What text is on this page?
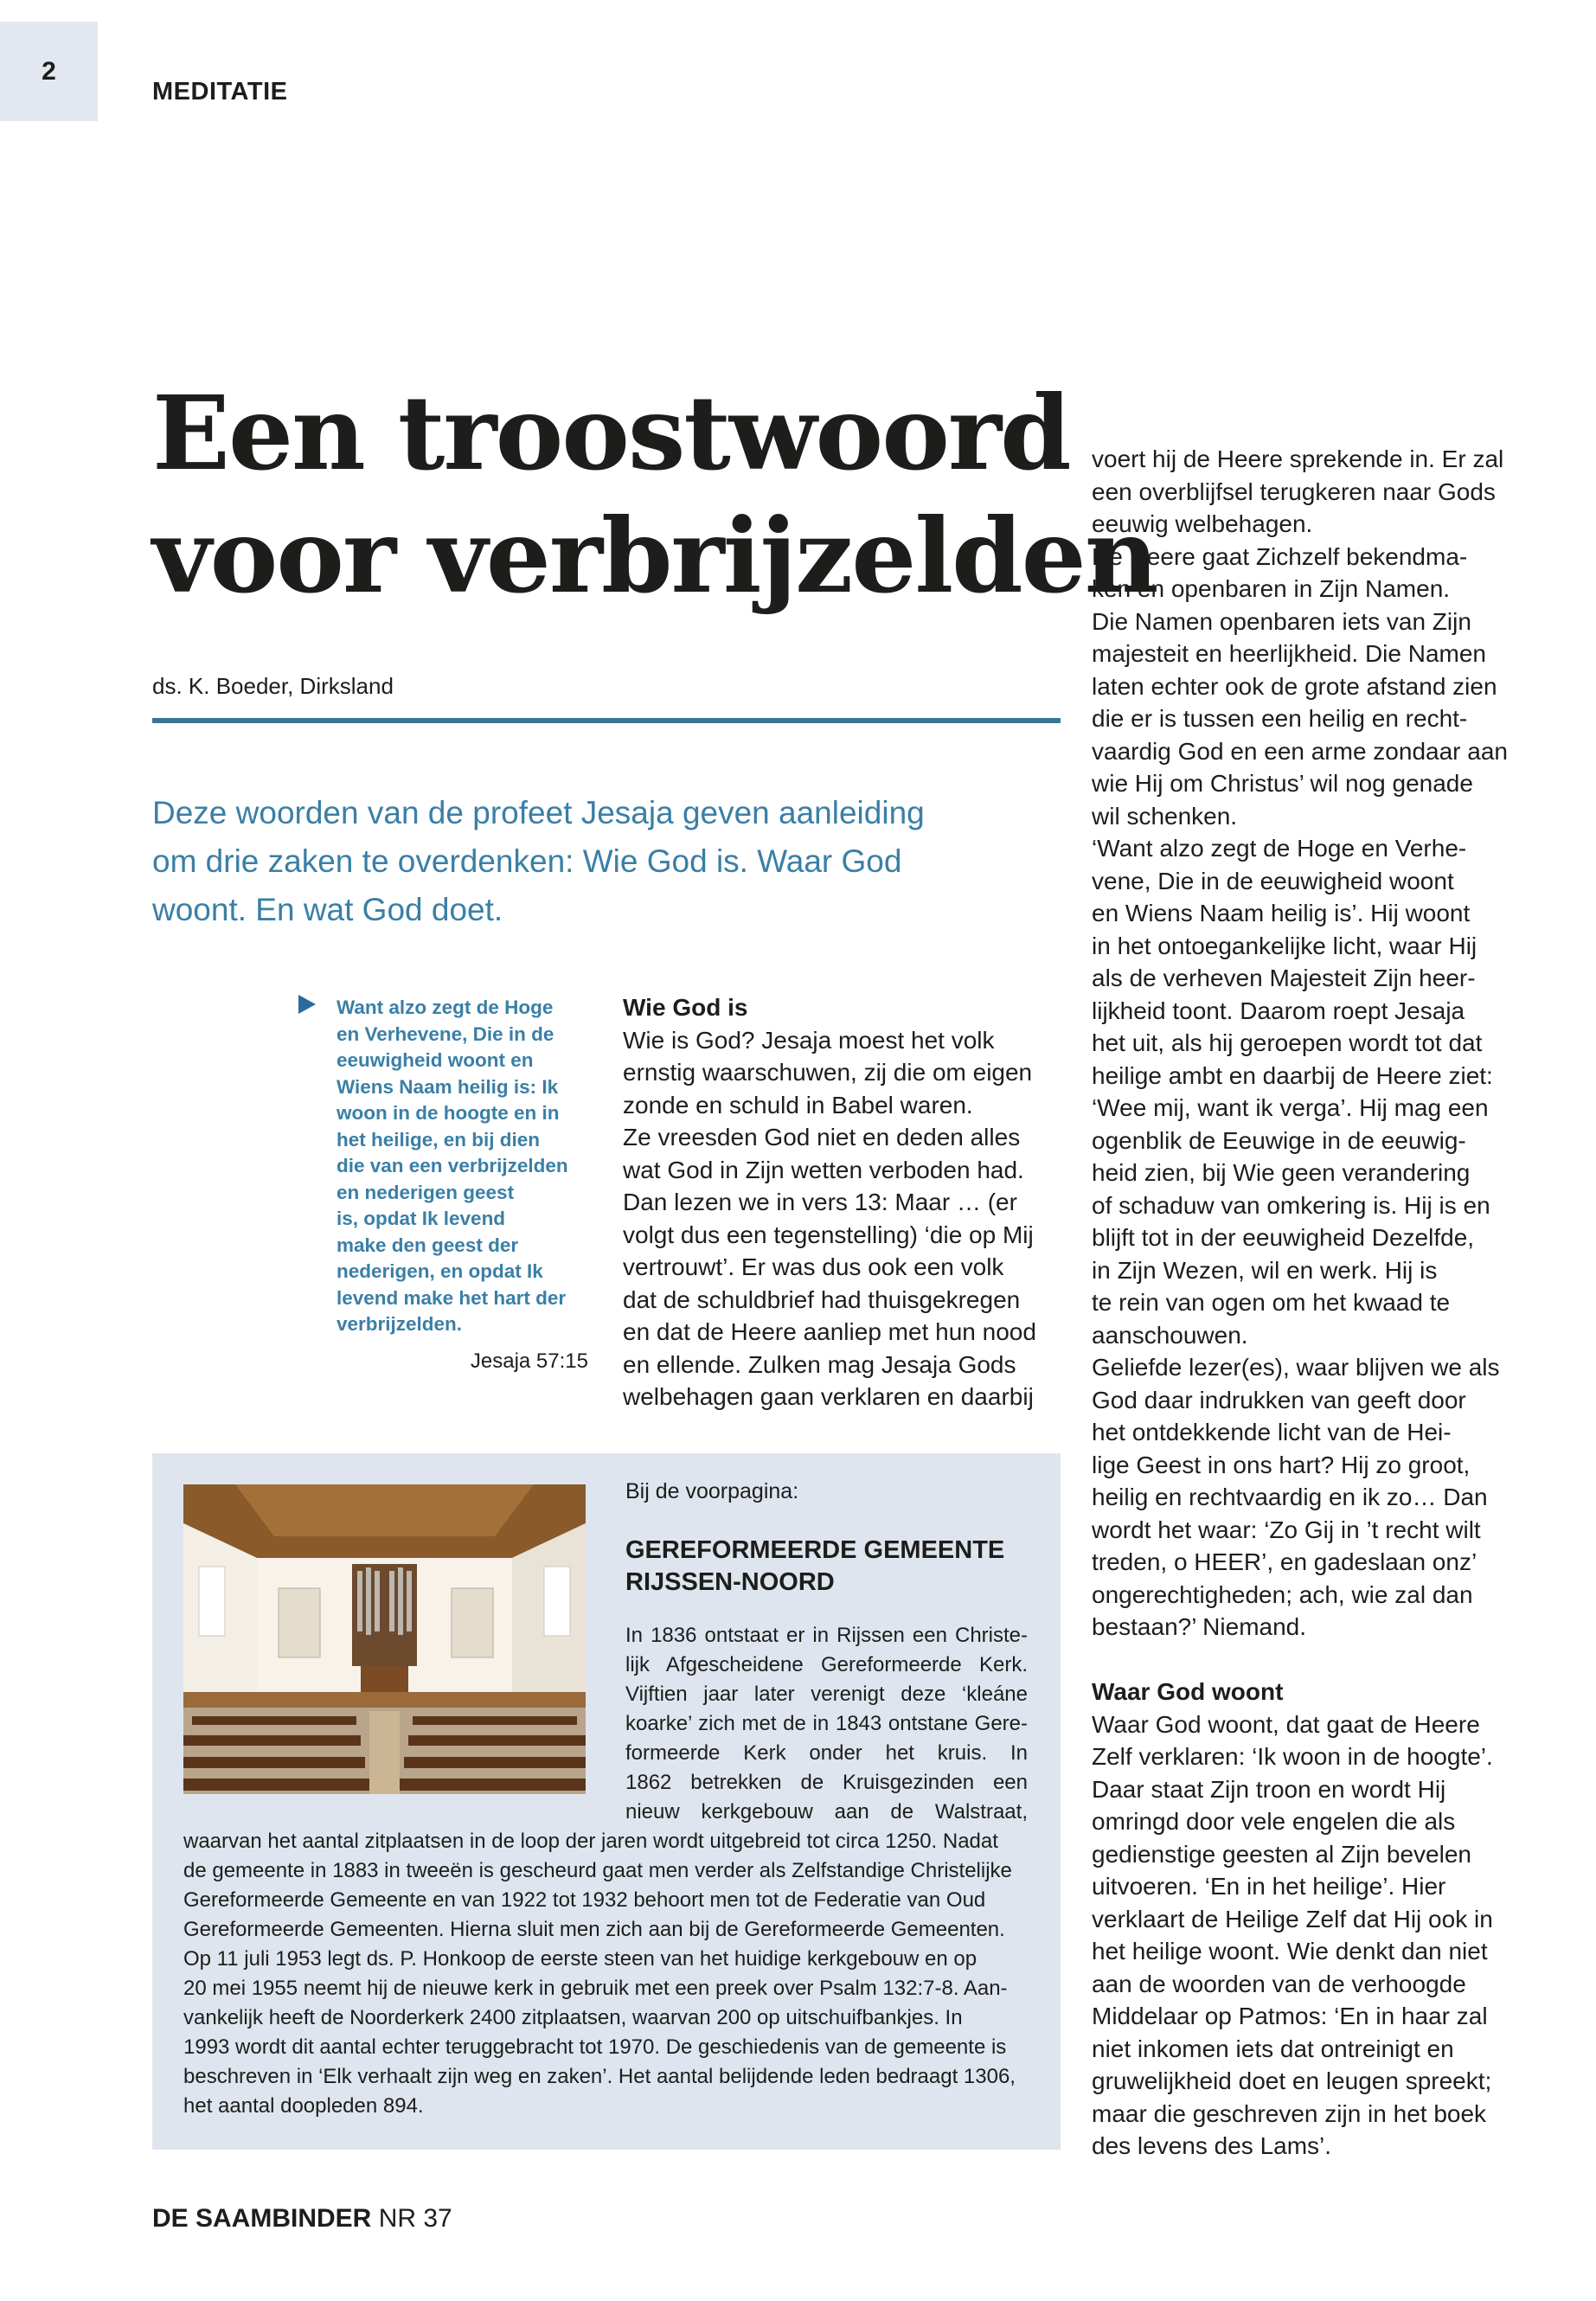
2
MEDITATIE
Een troostwoord
voor verbrijzelden
ds. K. Boeder, Dirksland
Deze woorden van de profeet Jesaja geven aanleiding
om drie zaken te overdenken: Wie God is. Waar God
woont. En wat God doet.
Want alzo zegt de Hoge
en Verhevene, Die in de
eeuwigheid woont en
Wiens Naam heilig is: Ik
woon in de hoogte en in
het heilige, en bij dien
die van een verbrijzelden
en nederigen geest
is, opdat Ik levend
make den geest der
nederigen, en opdat Ik
levend make het hart der
verbrijzelden.
Jesaja 57:15
Wie God is
Wie is God? Jesaja moest het volk
ernstig waarschuwen, zij die om eigen
zonde en schuld in Babel waren.
Ze vreesden God niet en deden alles
wat God in Zijn wetten verboden had.
Dan lezen we in vers 13: Maar … (er
volgt dus een tegenstelling) ‘die op Mij
vertrouwt’. Er was dus ook een volk
dat de schuldbrief had thuisgekregen
en dat de Heere aanliep met hun nood
en ellende. Zulken mag Jesaja Gods
welbehagen gaan verklaren en daarbij
voert hij de Heere sprekende in. Er zal
een overblijfsel terugkeren naar Gods
eeuwig welbehagen.
De Heere gaat Zichzelf bekendma-
ken en openbaren in Zijn Namen.
Die Namen openbaren iets van Zijn
majesteit en heerlijkheid. Die Namen
laten echter ook de grote afstand zien
die er is tussen een heilig en recht-
vaardig God en een arme zondaar aan
wie Hij om Christus’ wil nog genade
wil schenken.
‘Want alzo zegt de Hoge en Verhe-
vene, Die in de eeuwigheid woont
en Wiens Naam heilig is’. Hij woont
in het ontoegankelijke licht, waar Hij
als de verheven Majesteit Zijn heer-
lijkheid toont. Daarom roept Jesaja
het uit, als hij geroepen wordt tot dat
heilige ambt en daarbij de Heere ziet:
‘Wee mij, want ik verga’. Hij mag een
ogenblik de Eeuwige in de eeuwig-
heid zien, bij Wie geen verandering
of schaduw van omkering is. Hij is en
blijft tot in der eeuwigheid Dezelfde,
in Zijn Wezen, wil en werk. Hij is
te rein van ogen om het kwaad te
aanschouwen.
Geliefde lezer(es), waar blijven we als
God daar indrukken van geeft door
het ontdekkende licht van de Hei-
lige Geest in ons hart? Hij zo groot,
heilig en rechtvaardig en ik zo… Dan
wordt het waar: ‘Zo Gij in ’t recht wilt
treden, o HEER’, en gadeslaan onz’
ongerechtigheden; ach, wie zal dan
bestaan?’ Niemand.
Waar God woont
Waar God woont, dat gaat de Heere
Zelf verklaren: ‘Ik woon in de hoogte’.
Daar staat Zijn troon en wordt Hij
omringd door vele engelen die als
gedienstige geesten al Zijn bevelen
uitvoeren. ‘En in het heilige’. Hier
verklaart de Heilige Zelf dat Hij ook in
het heilige woont. Wie denkt dan niet
aan de woorden van de verhoogde
Middelaar op Patmos: ‘En in haar zal
niet inkomen iets dat ontreinigt en
gruwelijkheid doet en leugen spreekt;
maar die geschreven zijn in het boek
des levens des Lams’.
Bij de voorpagina:
GEREFORMEERDE GEMEENTE
RIJSSEN-NOORD
In 1836 ontstaat er in Rijssen een Christe-
lijk Afgescheidene Gereformeerde Kerk.
Vijftien jaar later verenigt deze ‘kleáne
koarke’ zich met de in 1843 ontstane Gere-
formeerde Kerk onder het kruis. In
1862 betrekken de Kruisgezinden een
nieuw kerkgebouw aan de Walstraat,
waarvan het aantal zitplaatsen in de loop der jaren wordt uitgebreid tot circa 1250. Nadat
de gemeente in 1883 in tweeën is gescheurd gaat men verder als Zelfstandige Christelijke
Gereformeerde Gemeente en van 1922 tot 1932 behoort men tot de Federatie van Oud
Gereformeerde Gemeenten. Hierna sluit men zich aan bij de Gereformeerde Gemeenten.
Op 11 juli 1953 legt ds. P. Honkoop de eerste steen van het huidige kerkgebouw en op
20 mei 1955 neemt hij de nieuwe kerk in gebruik met een preek over Psalm 132:7-8. Aan-
vankelijk heeft de Noorderkerk 2400 zitplaatsen, waarvan 200 op uitschuifbankjes. In
1993 wordt dit aantal echter teruggebracht tot 1970. De geschiedenis van de gemeente is
beschreven in ‘Elk verhaalt zijn weg en zaken’. Het aantal belijdende leden bedraagt 1306,
het aantal doopleden 894.
DE SAAMBINDER NR 37
